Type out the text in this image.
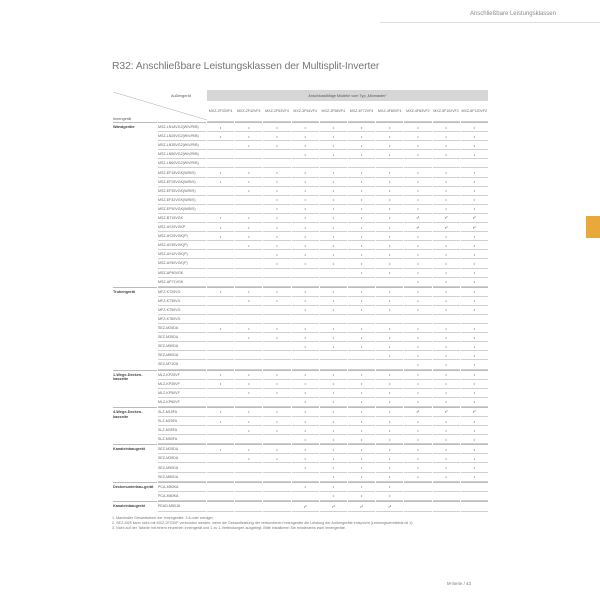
Anschließbare Leistungsklassen
R32: Anschließbare Leistungsklassen der Multisplit-Inverter
Außengerät
Innengerät		Anschlussfähige Modelle vom Typ „Mixmaster“									
		MXZ-2F33VF4	MXZ-2F42VF4	MXZ-2F53VF4	MXZ-3F54VF4	MXZ-3F68VF4	MXZ-4F72VF4	MXZ-4F80VF4	MXZ-4F83VF2	MXZ-5F102VF2	MXZ-6F120VF2
Wandgeräte	MSZ-LN18VG2(W/V/R/B)	•	•	•	•	•	•	•	•	•	•
	MSZ-LN25VG2(W/V/R/B)	•	•	•	•	•	•	•	•	•	•
	MSZ-LN35VG2(W/V/R/B)		•	•	•	•	•	•	•	•	•
	MSZ-LN50VG2(W/V/R/B)				•	•	•	•	•	•	•
	MSZ-LN60VG2(W/V/R/B)										
	MSZ-EF18VGK(W/B/S)	•	•	•	•	•	•	•	•	•	•
	MSZ-EF25VGK(W/B/S)	•	•	•	•	•	•	•	•	•	•
	MSZ-EF35VGK(W/B/S)		•	•	•	•	•	•	•	•	•
	MSZ-EF42VGK(W/B/S)			•	•	•	•	•	•	•	•
	MSZ-EF50VGK(W/B/S)			•	•	•	•	•	•	•	•
	MSZ-BT15VGK	•	•	•	•	•	•	•	•²	•²	•²
	MSZ-AY20VGKP	•	•	•	•	•	•	•	•²	•²	•²
	MSZ-AY25VGK(P)	•	•	•	•	•	•	•	•	•	•
	MSZ-AY35VGK(P)		•	•	•	•	•	•	•	•	•
	MSZ-AY42VGK(P)			•	•	•	•	•	•	•	•
	MSZ-AY50VGK(P)			•	•	•	•	•	•	•	•
	MSZ-AP60VGK						•	•	•	•	•
	MSZ-AP71VGK								•	•	•
Truhengerät	MFZ-KT25VG	•	•	•	•	•	•	•	•	•	•
	MFZ-KT35VG		•	•	•	•	•	•	•	•	•
	MFZ-KT50VG				•	•	•	•	•	•	•
	MFZ-KT60VG										
	SEZ-M25DA	•	•	•	•	•	•	•	•	•	•
	SEZ-M35DA		•	•	•	•	•	•	•	•	•
	SEZ-M50DA				•	•	•	•	•	•	•
	SEZ-M60DA							•	•	•	•
	SEZ-M71DA								•	•	•
1-Wege-Decken-kassette	MLZ-KP25VF	•	•	•	•	•	•	•	•	•	•
	MLZ-KP35VF	•	•	•	•	•	•	•	•	•	•
	MLZ-KP50VF		•	•	•	•	•	•	•	•	•
	MLZ-KP60VF				•	•	•	•	•	•	•
4-Wege-Decken-kassette	SLZ-M15FA	•	•	•	•	•	•	•	•²	•²	•²
	SLZ-M25FA	•	•	•	•	•	•	•	•	•	•
	SLZ-M35FA		•	•	•	•	•	•	•	•	•
	SLZ-M50FA				•	•	•	•	•	•	•
Kanaleinbaugerät	SEZ-M25DA	•	•	•	•	•	•	•	•	•	•
	SEZ-M35DA		•	•	•	•	•	•	•	•	•
	SEZ-M50DA				•	•	•	•	•	•	•
	SEZ-M60DA					•	•	•	•	•	•
Deckenunterbau-gerät	PCA-M50KA				•	•	•	•			
	PCA-M60KA					•	•	•			
Kanaleinbaugerät	PEAD-M50JA				•³	•³	•³	•³			
1. Maximaler Gesamtstrom der Innengeräte: 3 A oder weniger.
2. SEZ-M25 kann nicht mit MXZ-2F33VF verbunden werden, wenn die Gesamtleistung der verbundenen Innengeräte die Leistung der Außengeräte entspricht (Leistungsverhältnis ist 1).
3. Nicht auf der Tabelle mit einem einzelnen Innengerät und 1 zu 1-Verbindungen ausgelegt. Bitte installieren Sie mindestens zwei Innengeräte.
M-Serie / 43
